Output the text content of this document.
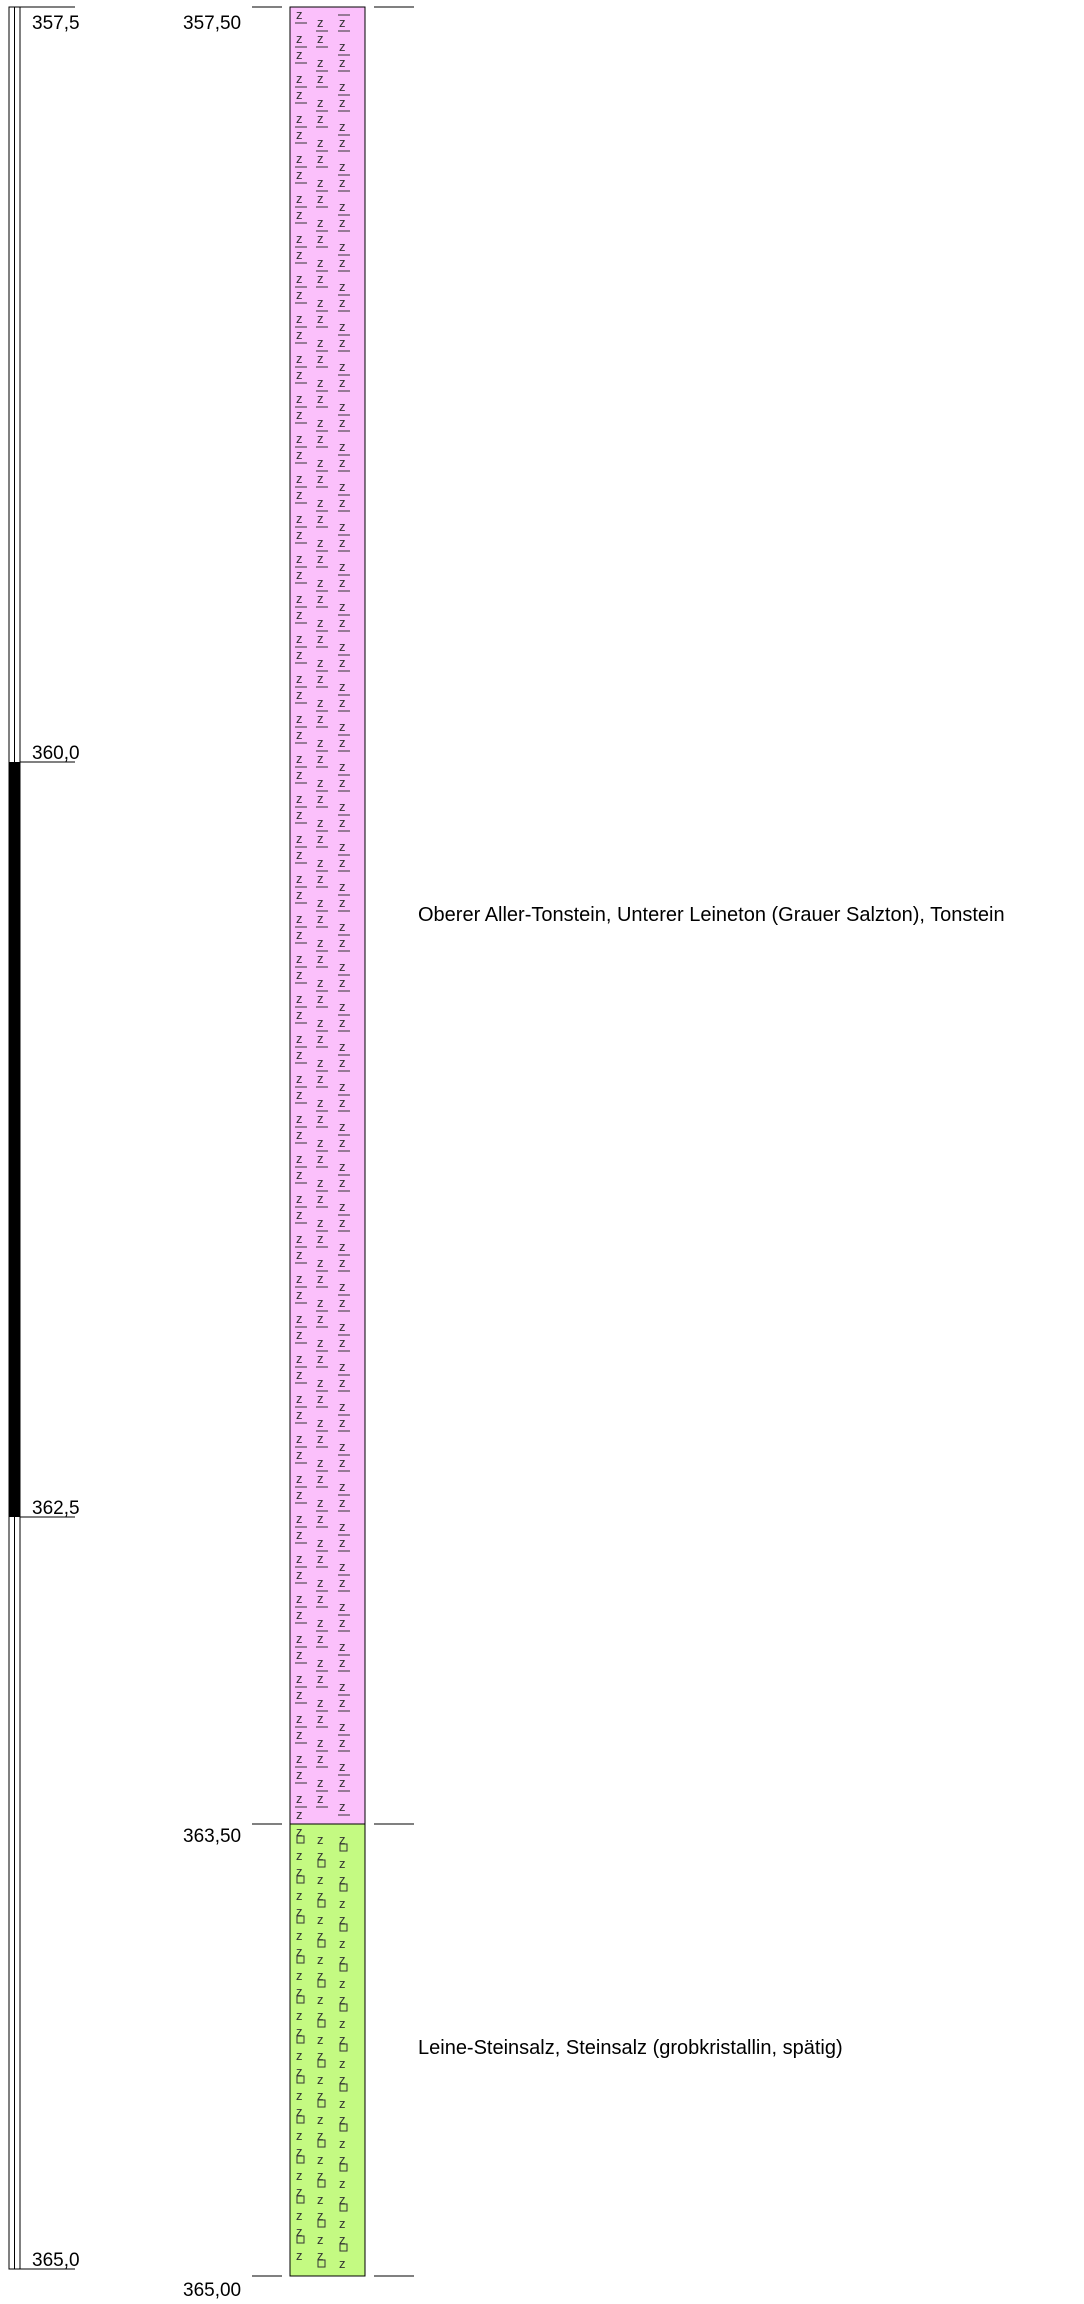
357,5
360,0
362,5
365,0
z
z z
z z
z
z
z z
z z
z
z
z z
z z
z
z
z z
z z
z
z
z z
z z
z
z
z z
z z
z
z
z z
z z
z
z
z z
z z
z
z
z z
z z
z
z
z z
z z
z
z
z z
z z
z
z
z z
z z
z
z
z z
z z
z
z
z z
z z
z
z
z z
z z
z
z
z z
z z
z
z
z z
z z
z
z
z z
z z
z
z
z z
z z
z
z
z z
z z
z
z
z z
z z
z
z
z z
z z
z
z
z z
z z
z
z
z z
z z
z
z
z z
z z
z
z
z z
z z
z
z
z z
z z
z
z
z z
z z
z
z
z z
z z
z
z
z z
z z
z
z
z z
z z
z
z
z z
z z
z
z
z z
z z
z
z
z z
z z
z
z
z z
z z
z
z
z z
z z
z
z
z z
z z
z
z
z z
z z
z
z
z z
z z
z
z
z z
z z
z
z
z z
z z
z
z
z z
z z
z
z
z z
z z
z
z
z z
z z
z
z
z z
z z
z
z
z
z z
z z
z
z
z z
z z
z
z
z z
z z
z
z
z z
z z
z
z
z z
z z
z
z
z z
z z
z
z
z z
z z
z
z
z z
z z
z
z
z z
z z
z
z
z z
z z
z
z
z z
z z
z
357,50
363,50
365,00
Oberer Aller-Tonstein, Unterer Leineton (Grauer Salzton), Tonstein
Leine-Steinsalz, Steinsalz (grobkristallin, spätig)
